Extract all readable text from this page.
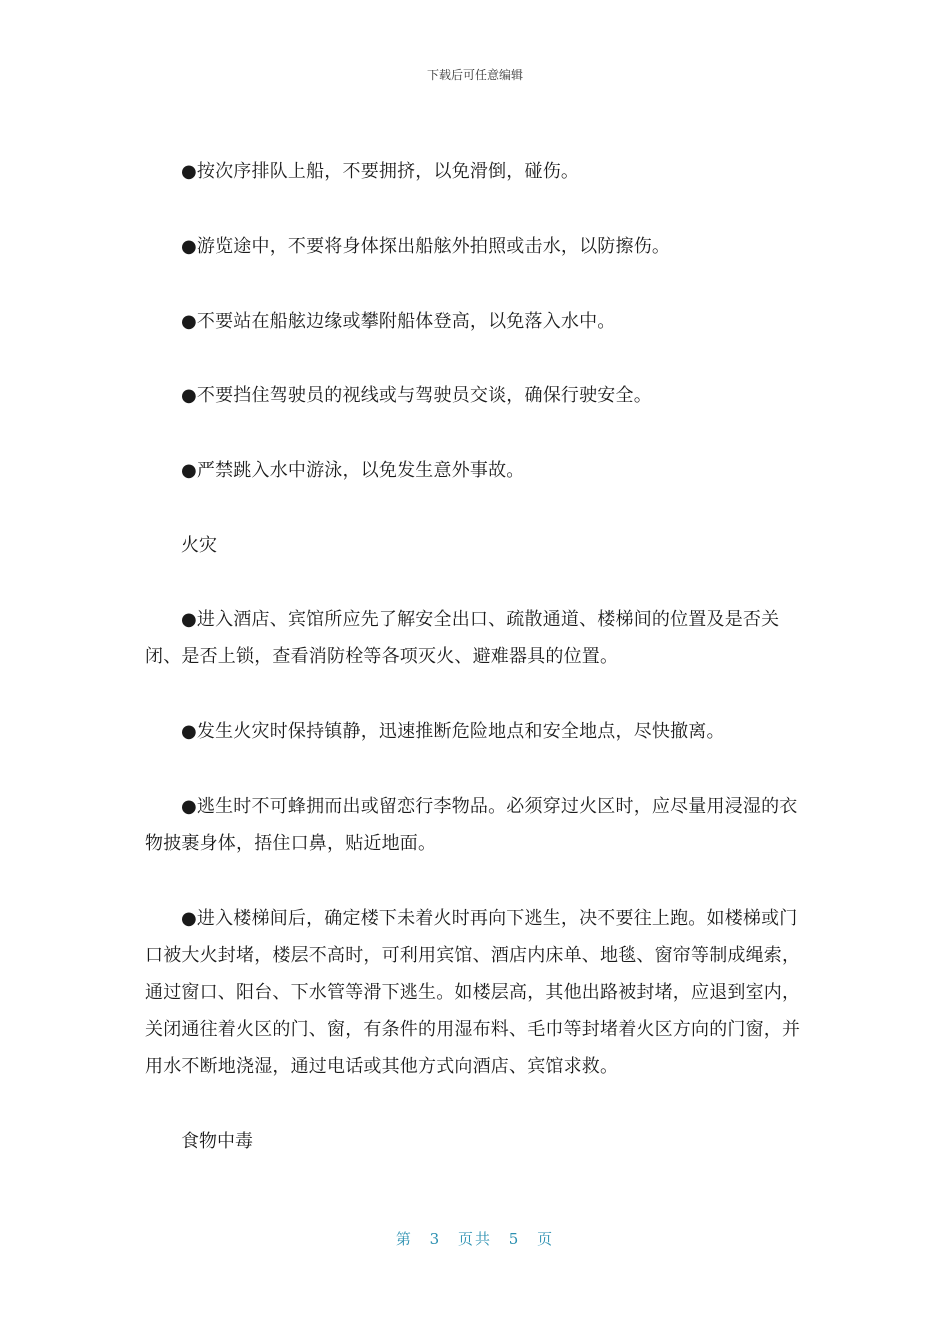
下载后可任意编辑

●按次序排队上船，不要拥挤，以免滑倒，碰伤。

●游览途中，不要将身体探出船舷外拍照或击水，以防擦伤。

●不要站在船舷边缘或攀附船体登高，以免落入水中。

●不要挡住驾驶员的视线或与驾驶员交谈，确保行驶安全。

●严禁跳入水中游泳，以免发生意外事故。

火灾

●进入酒店、宾馆所应先了解安全出口、疏散通道、楼梯间的位置及是否关闭、是否上锁，查看消防栓等各项灭火、避难器具的位置。

●发生火灾时保持镇静，迅速推断危险地点和安全地点，尽快撤离。

●逃生时不可蜂拥而出或留恋行李物品。必须穿过火区时，应尽量用浸湿的衣物披裹身体，捂住口鼻，贴近地面。

●进入楼梯间后，确定楼下未着火时再向下逃生，决不要往上跑。如楼梯或门口被大火封堵，楼层不高时，可利用宾馆、酒店内床单、地毯、窗帘等制成绳索，通过窗口、阳台、下水管等滑下逃生。如楼层高，其他出路被封堵，应退到室内，关闭通往着火区的门、窗，有条件的用湿布料、毛巾等封堵着火区方向的门窗，并用水不断地浇湿，通过电话或其他方式向酒店、宾馆求救。

食物中毒

第 3 页共 5 页
